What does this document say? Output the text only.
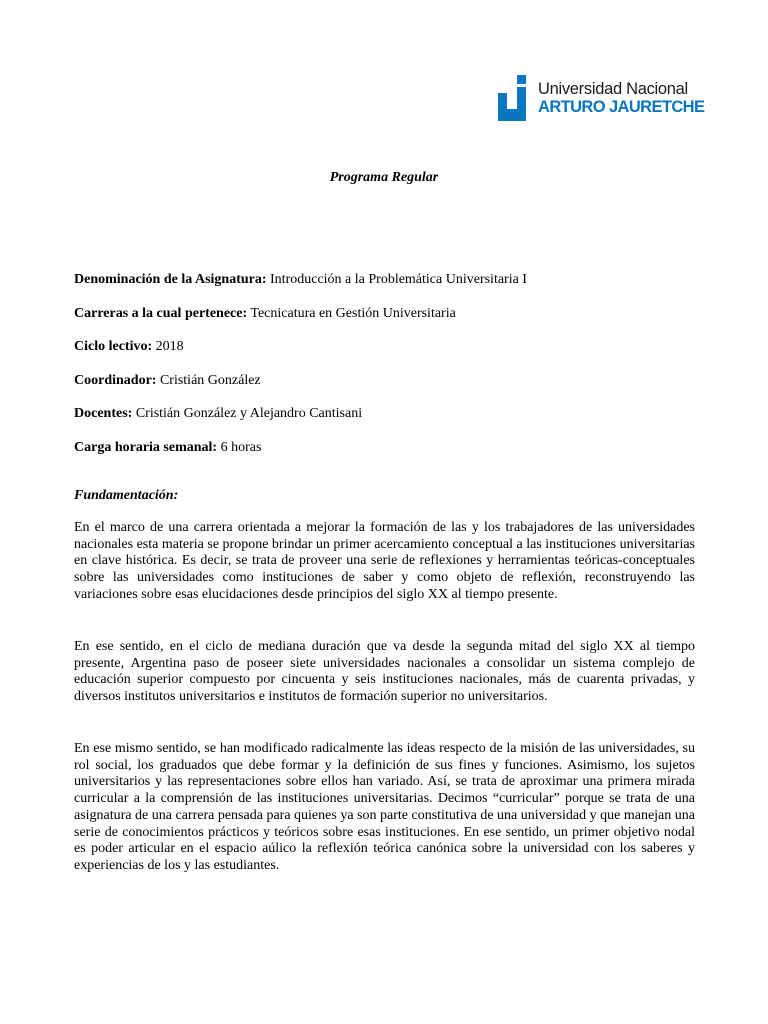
Universidad Nacional
ARTURO JAURETCHE
Programa Regular
Denominación de la Asignatura: Introducción a la Problemática Universitaria I
Carreras a la cual pertenece: Tecnicatura en Gestión Universitaria
Ciclo lectivo: 2018
Coordinador: Cristián González
Docentes: Cristián González y Alejandro Cantisani
Carga horaria semanal: 6 horas
Fundamentación:

En el marco de una carrera orientada a mejorar la formación de las y los trabajadores de las universidades nacionales esta materia se propone brindar un primer acercamiento conceptual a las instituciones universitarias en clave histórica. Es decir, se trata de proveer una serie de reflexiones y herramientas teóricas-conceptuales sobre las universidades como instituciones de saber y como objeto de reflexión, reconstruyendo las variaciones sobre esas elucidaciones desde principios del siglo XX al tiempo presente.

En ese sentido, en el ciclo de mediana duración que va desde la segunda mitad del siglo XX al tiempo presente, Argentina paso de poseer siete universidades nacionales a consolidar un sistema complejo de educación superior compuesto por cincuenta y seis instituciones nacionales, más de cuarenta privadas, y diversos institutos universitarios e institutos de formación superior no universitarios.

En ese mismo sentido, se han modificado radicalmente las ideas respecto de la misión de las universidades, su rol social, los graduados que debe formar y la definición de sus fines y funciones. Asimismo, los sujetos universitarios y las representaciones sobre ellos han variado. Así, se trata de aproximar una primera mirada curricular a la comprensión de las instituciones universitarias. Decimos “curricular” porque se trata de una asignatura de una carrera pensada para quienes ya son parte constitutiva de una universidad y que manejan una serie de conocimientos prácticos y teóricos sobre esas instituciones. En ese sentido, un primer objetivo nodal es poder articular en el espacio aúlico la reflexión teórica canónica sobre la universidad con los saberes y experiencias de los y las estudiantes.
